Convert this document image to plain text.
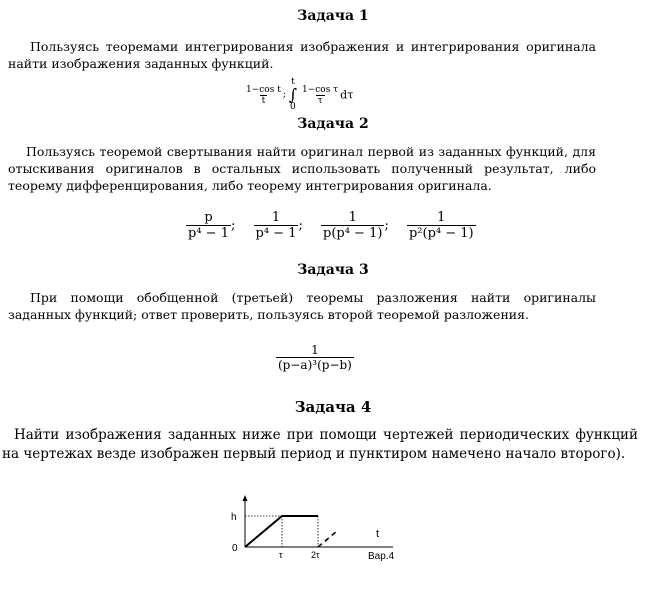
Задача 1
Пользуясь теоремами интегрирования изображения и интегрирования оригинала найти изображения заданных функций.
$\frac{\text{1−cos t}}{t}$ ;
t
∫
0

$\frac{\text{1−cos τ}}{\tau}$ dτ
Задача 2
Пользуясь теоремой свертывания найти оригинал первой из заданных функций, для отыскивания оригиналов в остальных использовать полученный результат, либо теорему дифференцирования, либо теорему интегрирования оригинала.
$\frac{p}{\text{p⁴ − 1}}$ ; $\frac{1}{\text{p⁴ − 1}}$ ; $\frac{1}{\text{p(p⁴ − 1)}}$ ; $\frac{1}{\text{p²(p⁴ − 1)}}$
Задача 3
При помощи обобщенной (третьей) теоремы разложения найти оригиналы заданных функций; ответ проверить, пользуясь второй теоремой разложения.
$\frac{1}{\text{(p−a)³(p−b)}}$
Задача 4
Найти изображения заданных ниже при помощи чертежей периодических функций на чертежах везде изображен первый период и пунктиром намечено начало второго).
h
0
τ	2τ
t
Вар.4
